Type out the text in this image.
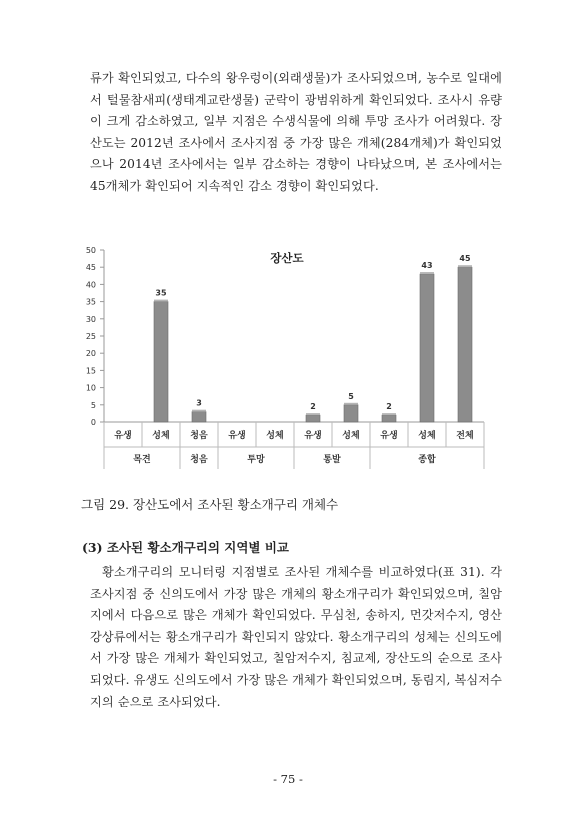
류가 확인되었고, 다수의 왕우렁이(외래생물)가 조사되었으며, 농수로 일대에서 털물참새피(생태계교란생물) 군락이 광범위하게 확인되었다. 조사시 유량이 크게 감소하였고, 일부 지점은 수생식물에 의해 투망 조사가 어려웠다. 장산도는 2012년 조사에서 조사지점 중 가장 많은 개체(284개체)가 확인되었으나 2014년 조사에서는 일부 감소하는 경향이 나타났으며, 본 조사에서는 45개체가 확인되어 지속적인 감소 경향이 확인되었다.

0
5
10
15
20
25
30
35
40
45
50
유생
35
성체
3
청음 유생 성체
2
유생
5
성체
2
유생
43
성체
45
전체
목견	청음	투망	통발	종합
장산도
그림 29. 장산도에서 조사된 황소개구리 개체수
(3) 조사된 황소개구리의 지역별 비교

황소개구리의 모니터링 지점별로 조사된 개체수를 비교하였다(표 31). 각 조사지점 중 신의도에서 가장 많은 개체의 황소개구리가 확인되었으며, 칠암지에서 다음으로 많은 개체가 확인되었다. 무심천, 송하지, 먼갓저수지, 영산강상류에서는 황소개구리가 확인되지 않았다. 황소개구리의 성체는 신의도에서 가장 많은 개체가 확인되었고, 칠암저수지, 침교제, 장산도의 순으로 조사되었다. 유생도 신의도에서 가장 많은 개체가 확인되었으며, 동림지, 복심저수지의 순으로 조사되었다.

- 75 -
